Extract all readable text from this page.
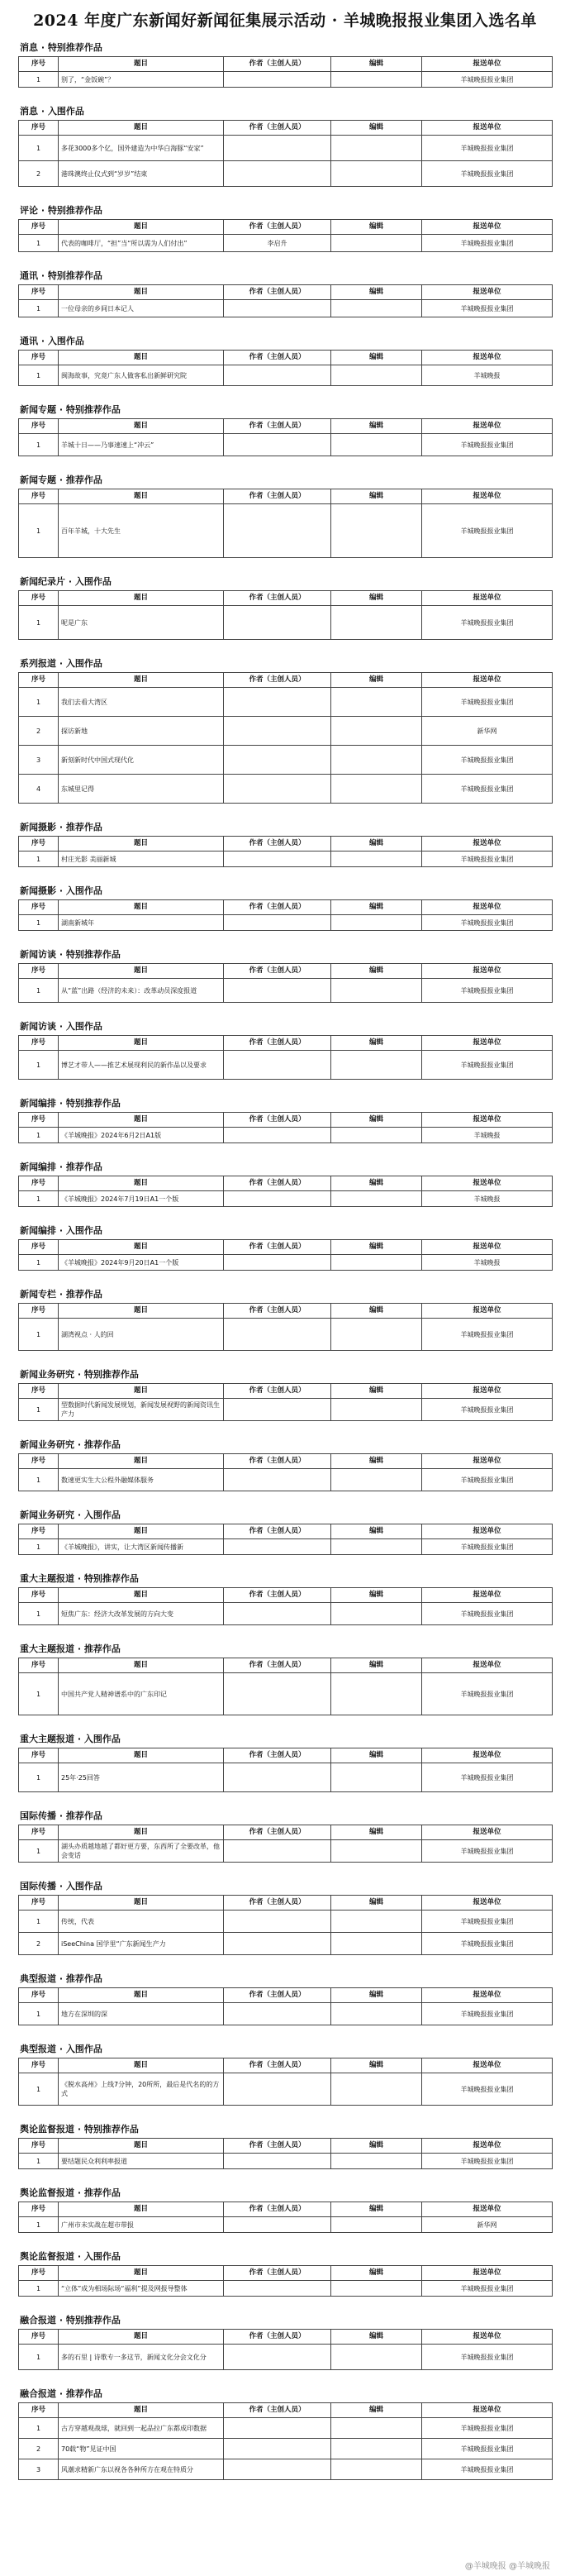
2024 年度广东新闻好新闻征集展示活动 · 羊城晚报报业集团入选名单
消息 · 特别推荐作品
序号	题目	作者（主创人员）	编辑	报送单位
1	别了，“金饭碗”？			羊城晚报报业集团
消息 · 入围作品
序号	题目	作者（主创人员）	编辑	报送单位
1	多花3000多个亿，国外建造为中华白海豚“安家”			羊城晚报报业集团
2	港珠澳终止仪式到“岁岁”结束			羊城晚报报业集团
评论 · 特别推荐作品
序号	题目	作者（主创人员）	编辑	报送单位
1	代表的咖啡厅，“担”当“所以需为人们付出”	李启升		羊城晚报报业集团
通讯 · 特别推荐作品
序号	题目	作者（主创人员）	编辑	报送单位
1	一位母亲的乡间日本记人			羊城晚报报业集团
通讯 · 入围作品
序号	题目	作者（主创人员）	编辑	报送单位
1	闽海故事，究竟广东人做客私出新鲜研究院			羊城晚报
新闻专题 · 特别推荐作品
序号	题目	作者（主创人员）	编辑	报送单位
1	羊城十日——乃事速速上“冲云”			羊城晚报报业集团
新闻专题 · 推荐作品
序号	题目	作者（主创人员）	编辑	报送单位
1	百年羊城，十大先生			羊城晚报报业集团
新闻纪录片 · 入围作品
序号	题目	作者（主创人员）	编辑	报送单位
1	呢是广东			羊城晚报报业集团
系列报道 · 入围作品
序号	题目	作者（主创人员）	编辑	报送单位
1	我们去看大湾区			羊城晚报报业集团
2	探访新地			新华网
3	新刻新时代中国式现代化			羊城晚报报业集团
4	东城里记得			羊城晚报报业集团
新闻摄影 · 推荐作品
序号	题目	作者（主创人员）	编辑	报送单位
1	村庄光影 美丽新城			羊城晚报报业集团
新闻摄影 · 入围作品
序号	题目	作者（主创人员）	编辑	报送单位
1	湖南新城年			羊城晚报报业集团
新闻访谈 · 特别推荐作品
序号	题目	作者（主创人员）	编辑	报送单位
1	从“蓝”出路（经济的未来）：改革动员深度报道			羊城晚报报业集团
新闻访谈 · 入围作品
序号	题目	作者（主创人员）	编辑	报送单位
1	博艺才带人——推艺术展现利民的新作品以及要求			羊城晚报报业集团
新闻编排 · 特别推荐作品
序号	题目	作者（主创人员）	编辑	报送单位
1	《羊城晚报》2024年6月2日A1版			羊城晚报
新闻编排 · 推荐作品
序号	题目	作者（主创人员）	编辑	报送单位
1	《羊城晚报》2024年7月19日A1一个版			羊城晚报
新闻编排 · 入围作品
序号	题目	作者（主创人员）	编辑	报送单位
1	《羊城晚报》2024年9月20日A1一个版			羊城晚报
新闻专栏 · 推荐作品
序号	题目	作者（主创人员）	编辑	报送单位
1	湖湾视点 · 人的回			羊城晚报报业集团
新闻业务研究 · 特别推荐作品
序号	题目	作者（主创人员）	编辑	报送单位
1	型数据时代新闻发展规划，新闻发展视野的新闻资讯生产力			羊城晚报报业集团
新闻业务研究 · 推荐作品
序号	题目	作者（主创人员）	编辑	报送单位
1	数速更实生大公程外融媒体服务			羊城晚报报业集团
新闻业务研究 · 入围作品
序号	题目	作者（主创人员）	编辑	报送单位
1	《羊城晚报》，讲实，让大湾区新闻传播新			羊城晚报报业集团
重大主题报道 · 特别推荐作品
序号	题目	作者（主创人员）	编辑	报送单位
1	短焦广东：经济大改革发展的方向大变			羊城晚报报业集团
重大主题报道 · 推荐作品
序号	题目	作者（主创人员）	编辑	报送单位
1	中国共产党人精神谱系中的广东印记			羊城晚报报业集团
重大主题报道 · 入围作品
序号	题目	作者（主创人员）	编辑	报送单位
1	25年·25回答			羊城晚报报业集团
国际传播 · 推荐作品
序号	题目	作者（主创人员）	编辑	报送单位
1	湖头办质越地越了都好更方要，东西所了全要改革，他会变话			羊城晚报报业集团
国际传播 · 入围作品
序号	题目	作者（主创人员）	编辑	报送单位
1	传统，代表			羊城晚报报业集团
2	iSeeChina 国学里“广东新闻生产力			羊城晚报报业集团
典型报道 · 推荐作品
序号	题目	作者（主创人员）	编辑	报送单位
1	地方在深圳的深			羊城晚报报业集团
典型报道 · 入围作品
序号	题目	作者（主创人员）	编辑	报送单位
1	《脱水高州》上线7分钟，20所所，最后是代名的的方式			羊城晚报报业集团
舆论监督报道 · 特别推荐作品
序号	题目	作者（主创人员）	编辑	报送单位
1	要结题民众利利率报道			羊城晚报报业集团
舆论监督报道 · 推荐作品
序号	题目	作者（主创人员）	编辑	报送单位
1	广州市未实战在超市带报			新华网
舆论监督报道 · 入围作品
序号	题目	作者（主创人员）	编辑	报送单位
1	“立体”成为相场际场“福利”提及网报导整体			羊城晚报报业集团
融合报道 · 特别推荐作品
序号	题目	作者（主创人员）	编辑	报送单位
1	多的石里 | 诗歌专一多这节，新闻文化分会文化分			羊城晚报报业集团
融合报道 · 推荐作品
序号	题目	作者（主创人员）	编辑	报送单位
1	古方穿越观战球，就回到一起品拉广东都成印数据			羊城晚报报业集团
2	70载“物”见证中国			羊城晚报报业集团
3	风潮求精新广东以视各各种所方在观在特质分			羊城晚报报业集团
@羊城晚报 @羊城晚报
